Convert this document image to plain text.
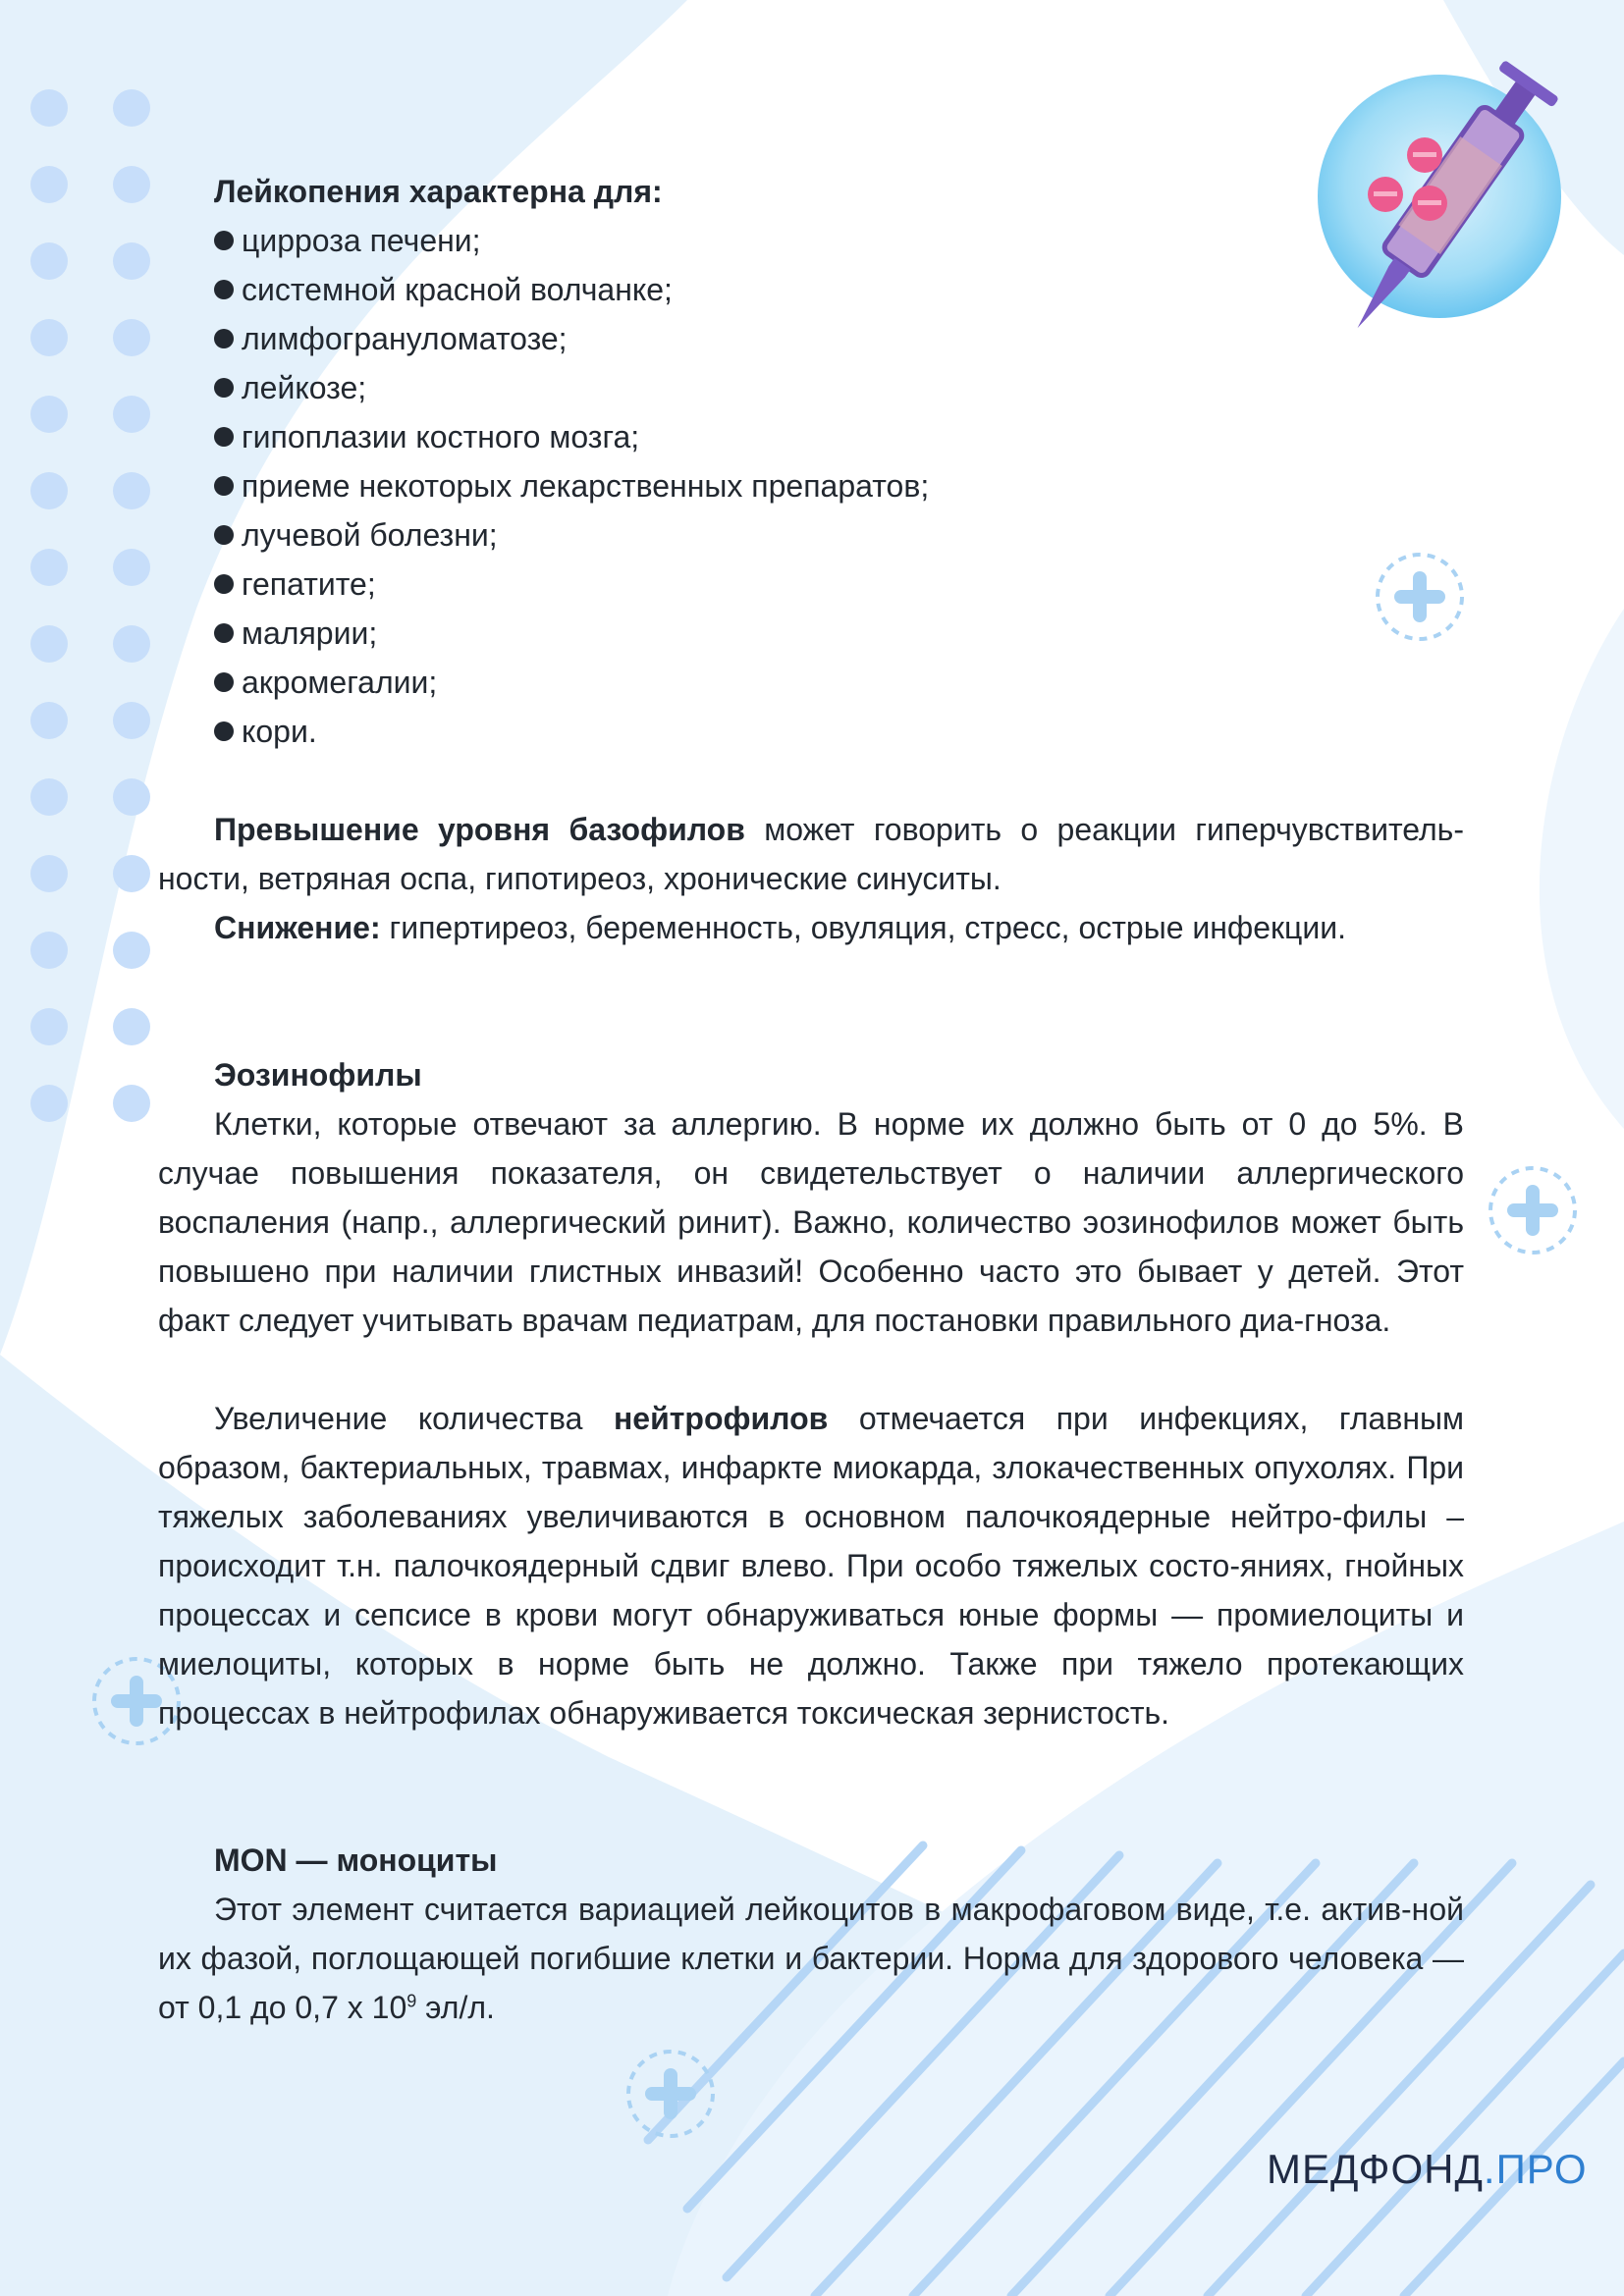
Лейкопения характерна для:

цирроза печени;
системной красной волчанке;
лимфогрануломатозе;
лейкозе;
гипоплазии костного мозга;
приеме некоторых лекарственных препаратов;
лучевой болезни;
гепатите;
малярии;
акромегалии;
кори.

Превышение уровня базофилов может говорить о реакции гиперчувствитель-ности, ветряная оспа, гипотиреоз, хронические синуситы.

Снижение: гипертиреоз, беременность, овуляция, стресс, острые инфекции.

Эозинофилы

Клетки, которые отвечают за аллергию. В норме их должно быть от 0 до 5%. В случае повышения показателя, он свидетельствует о наличии аллергического воспаления (напр., аллергический ринит). Важно, количество эозинофилов может быть повышено при наличии глистных инвазий! Особенно часто это бывает у детей. Этот факт следует учитывать врачам педиатрам, для постановки правильного диа-гноза.

Увеличение количества нейтрофилов отмечается при инфекциях, главным образом, бактериальных, травмах, инфаркте миокарда, злокачественных опухолях. При тяжелых заболеваниях увеличиваются в основном палочкоядерные нейтро-филы – происходит т.н. палочкоядерный сдвиг влево. При особо тяжелых состо-яниях, гнойных процессах и сепсисе в крови могут обнаруживаться юные формы — промиелоциты и миелоциты, которых в норме быть не должно. Также при тяжело протекающих процессах в нейтрофилах обнаруживается токсическая зернистость.

MON — моноциты

Этот элемент считается вариацией лейкоцитов в макрофаговом виде, т.е. актив-ной их фазой, поглощающей погибшие клетки и бактерии. Норма для здорового человека — от 0,1 до 0,7 x $10^9$ эл/л.

МЕДФОНД.ПРО
